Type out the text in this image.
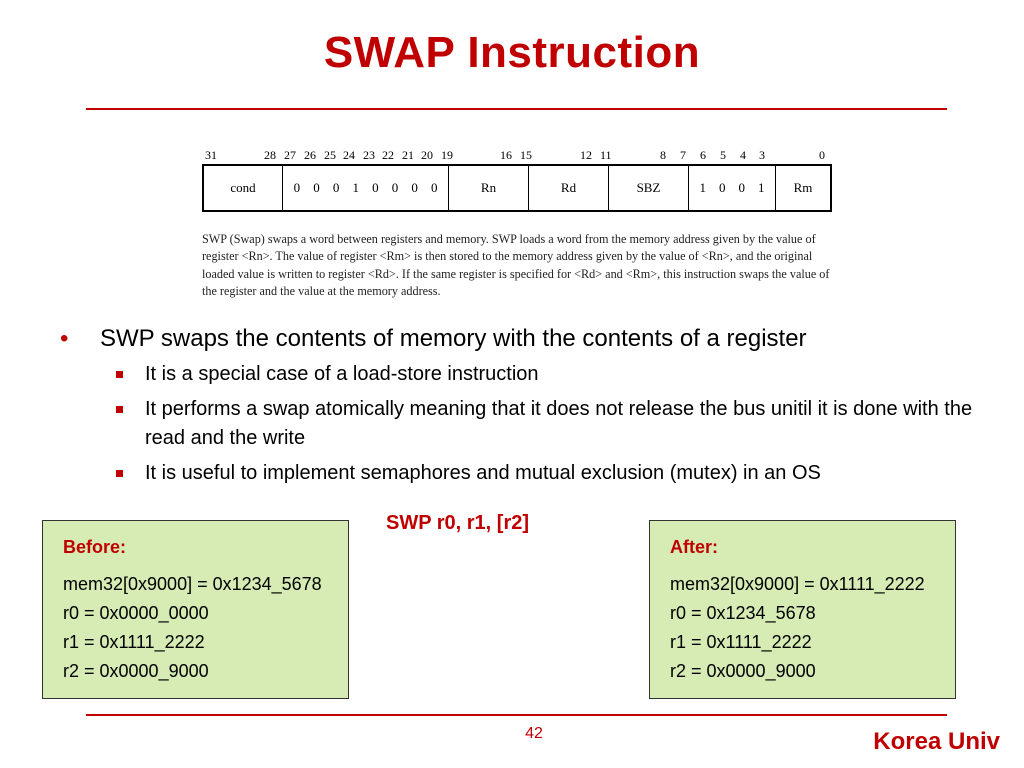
SWAP Instruction
31	28 27 26 25 24 23 22 21 20 19	16 15	12 11	8 7 6 5 4 3	0
cond	0 0 0 1 0 0 0 0	Rn	Rd	SBZ	1 0 0 1	Rm
SWP (Swap) swaps a word between registers and memory. SWP loads a word from the memory address given by the value of register <Rn>. The value of register <Rm> is then stored to the memory address given by the value of <Rn>, and the original loaded value is written to register <Rd>. If the same register is specified for <Rd> and <Rm>, this instruction swaps the value of the register and the value at the memory address.
• SWP swaps the contents of memory with the contents of a register
It is a special case of a load-store instruction
It performs a swap atomically meaning that it does not release the bus unitil it is done with the read and the write
It is useful to implement semaphores and mutual exclusion (mutex) in an OS
SWP r0, r1, [r2]
Before:
mem32[0x9000] = 0x1234_5678
r0 = 0x0000_0000
r1 = 0x1111_2222
r2 = 0x0000_9000
After:
mem32[0x9000] = 0x1111_2222
r0 = 0x1234_5678
r1 = 0x1111_2222
r2 = 0x0000_9000
42	Korea Univ
